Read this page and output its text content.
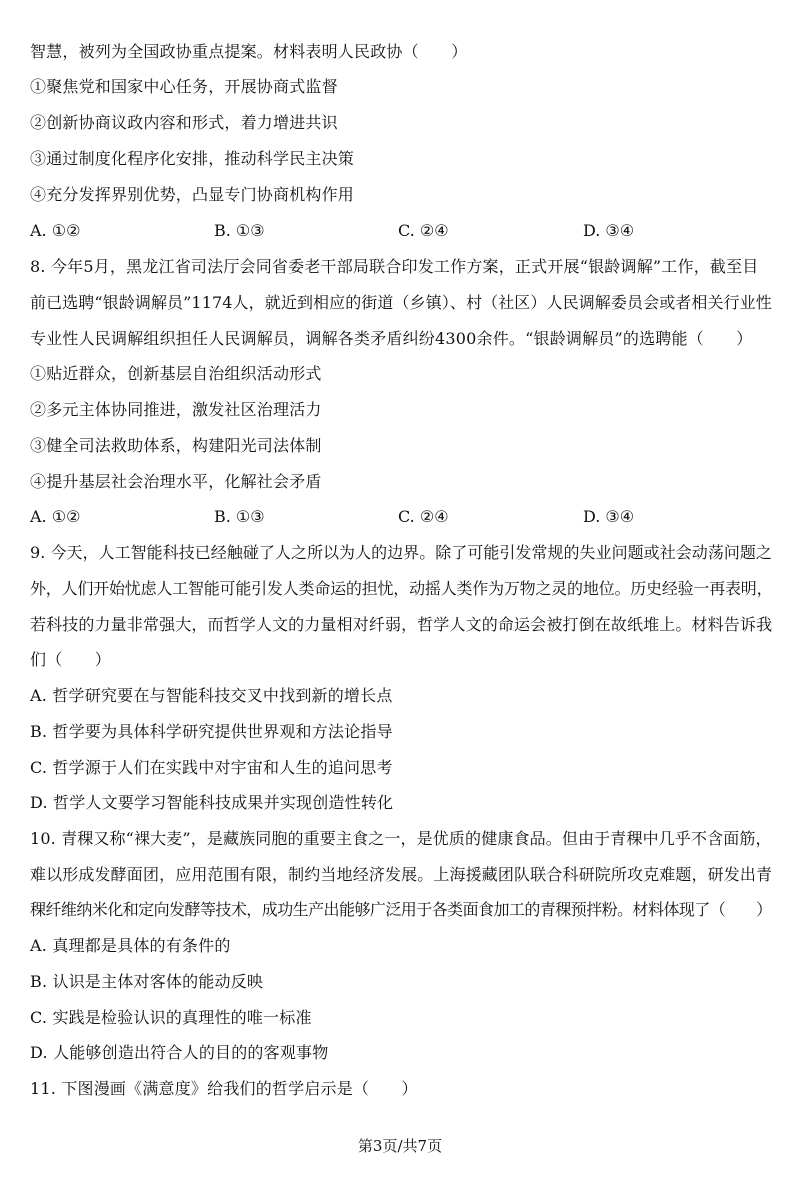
智慧，被列为全国政协重点提案。材料表明人民政协（　　）
①聚焦党和国家中心任务，开展协商式监督
②创新协商议政内容和形式，着力增进共识
③通过制度化程序化安排，推动科学民主决策
④充分发挥界别优势，凸显专门协商机构作用
A. ①②	B. ①③	C. ②④	D. ③④
8. 今年5月，黑龙江省司法厅会同省委老干部局联合印发工作方案，正式开展“银龄调解”工作，截至目
前已选聘“银龄调解员”1174人，就近到相应的街道（乡镇）、村（社区）人民调解委员会或者相关行业性
专业性人民调解组织担任人民调解员，调解各类矛盾纠纷4300余件。“银龄调解员”的选聘能（　　）
①贴近群众，创新基层自治组织活动形式
②多元主体协同推进，激发社区治理活力
③健全司法救助体系，构建阳光司法体制
④提升基层社会治理水平，化解社会矛盾
A. ①②	B. ①③	C. ②④	D. ③④
9. 今天，人工智能科技已经触碰了人之所以为人的边界。除了可能引发常规的失业问题或社会动荡问题之
外，人们开始忧虑人工智能可能引发人类命运的担忧，动摇人类作为万物之灵的地位。历史经验一再表明，
若科技的力量非常强大，而哲学人文的力量相对纤弱，哲学人文的命运会被打倒在故纸堆上。材料告诉我
们（　　）
A. 哲学研究要在与智能科技交叉中找到新的增长点
B. 哲学要为具体科学研究提供世界观和方法论指导
C. 哲学源于人们在实践中对宇宙和人生的追问思考
D. 哲学人文要学习智能科技成果并实现创造性转化
10. 青稞又称“裸大麦”，是藏族同胞的重要主食之一，是优质的健康食品。但由于青稞中几乎不含面筋，
难以形成发酵面团，应用范围有限，制约当地经济发展。上海援藏团队联合科研院所攻克难题，研发出青
稞纤维纳米化和定向发酵等技术，成功生产出能够广泛用于各类面食加工的青稞预拌粉。材料体现了（　　）
A. 真理都是具体的有条件的
B. 认识是主体对客体的能动反映
C. 实践是检验认识的真理性的唯一标准
D. 人能够创造出符合人的目的的客观事物
11. 下图漫画《满意度》给我们的哲学启示是（　　）
第3页/共7页
